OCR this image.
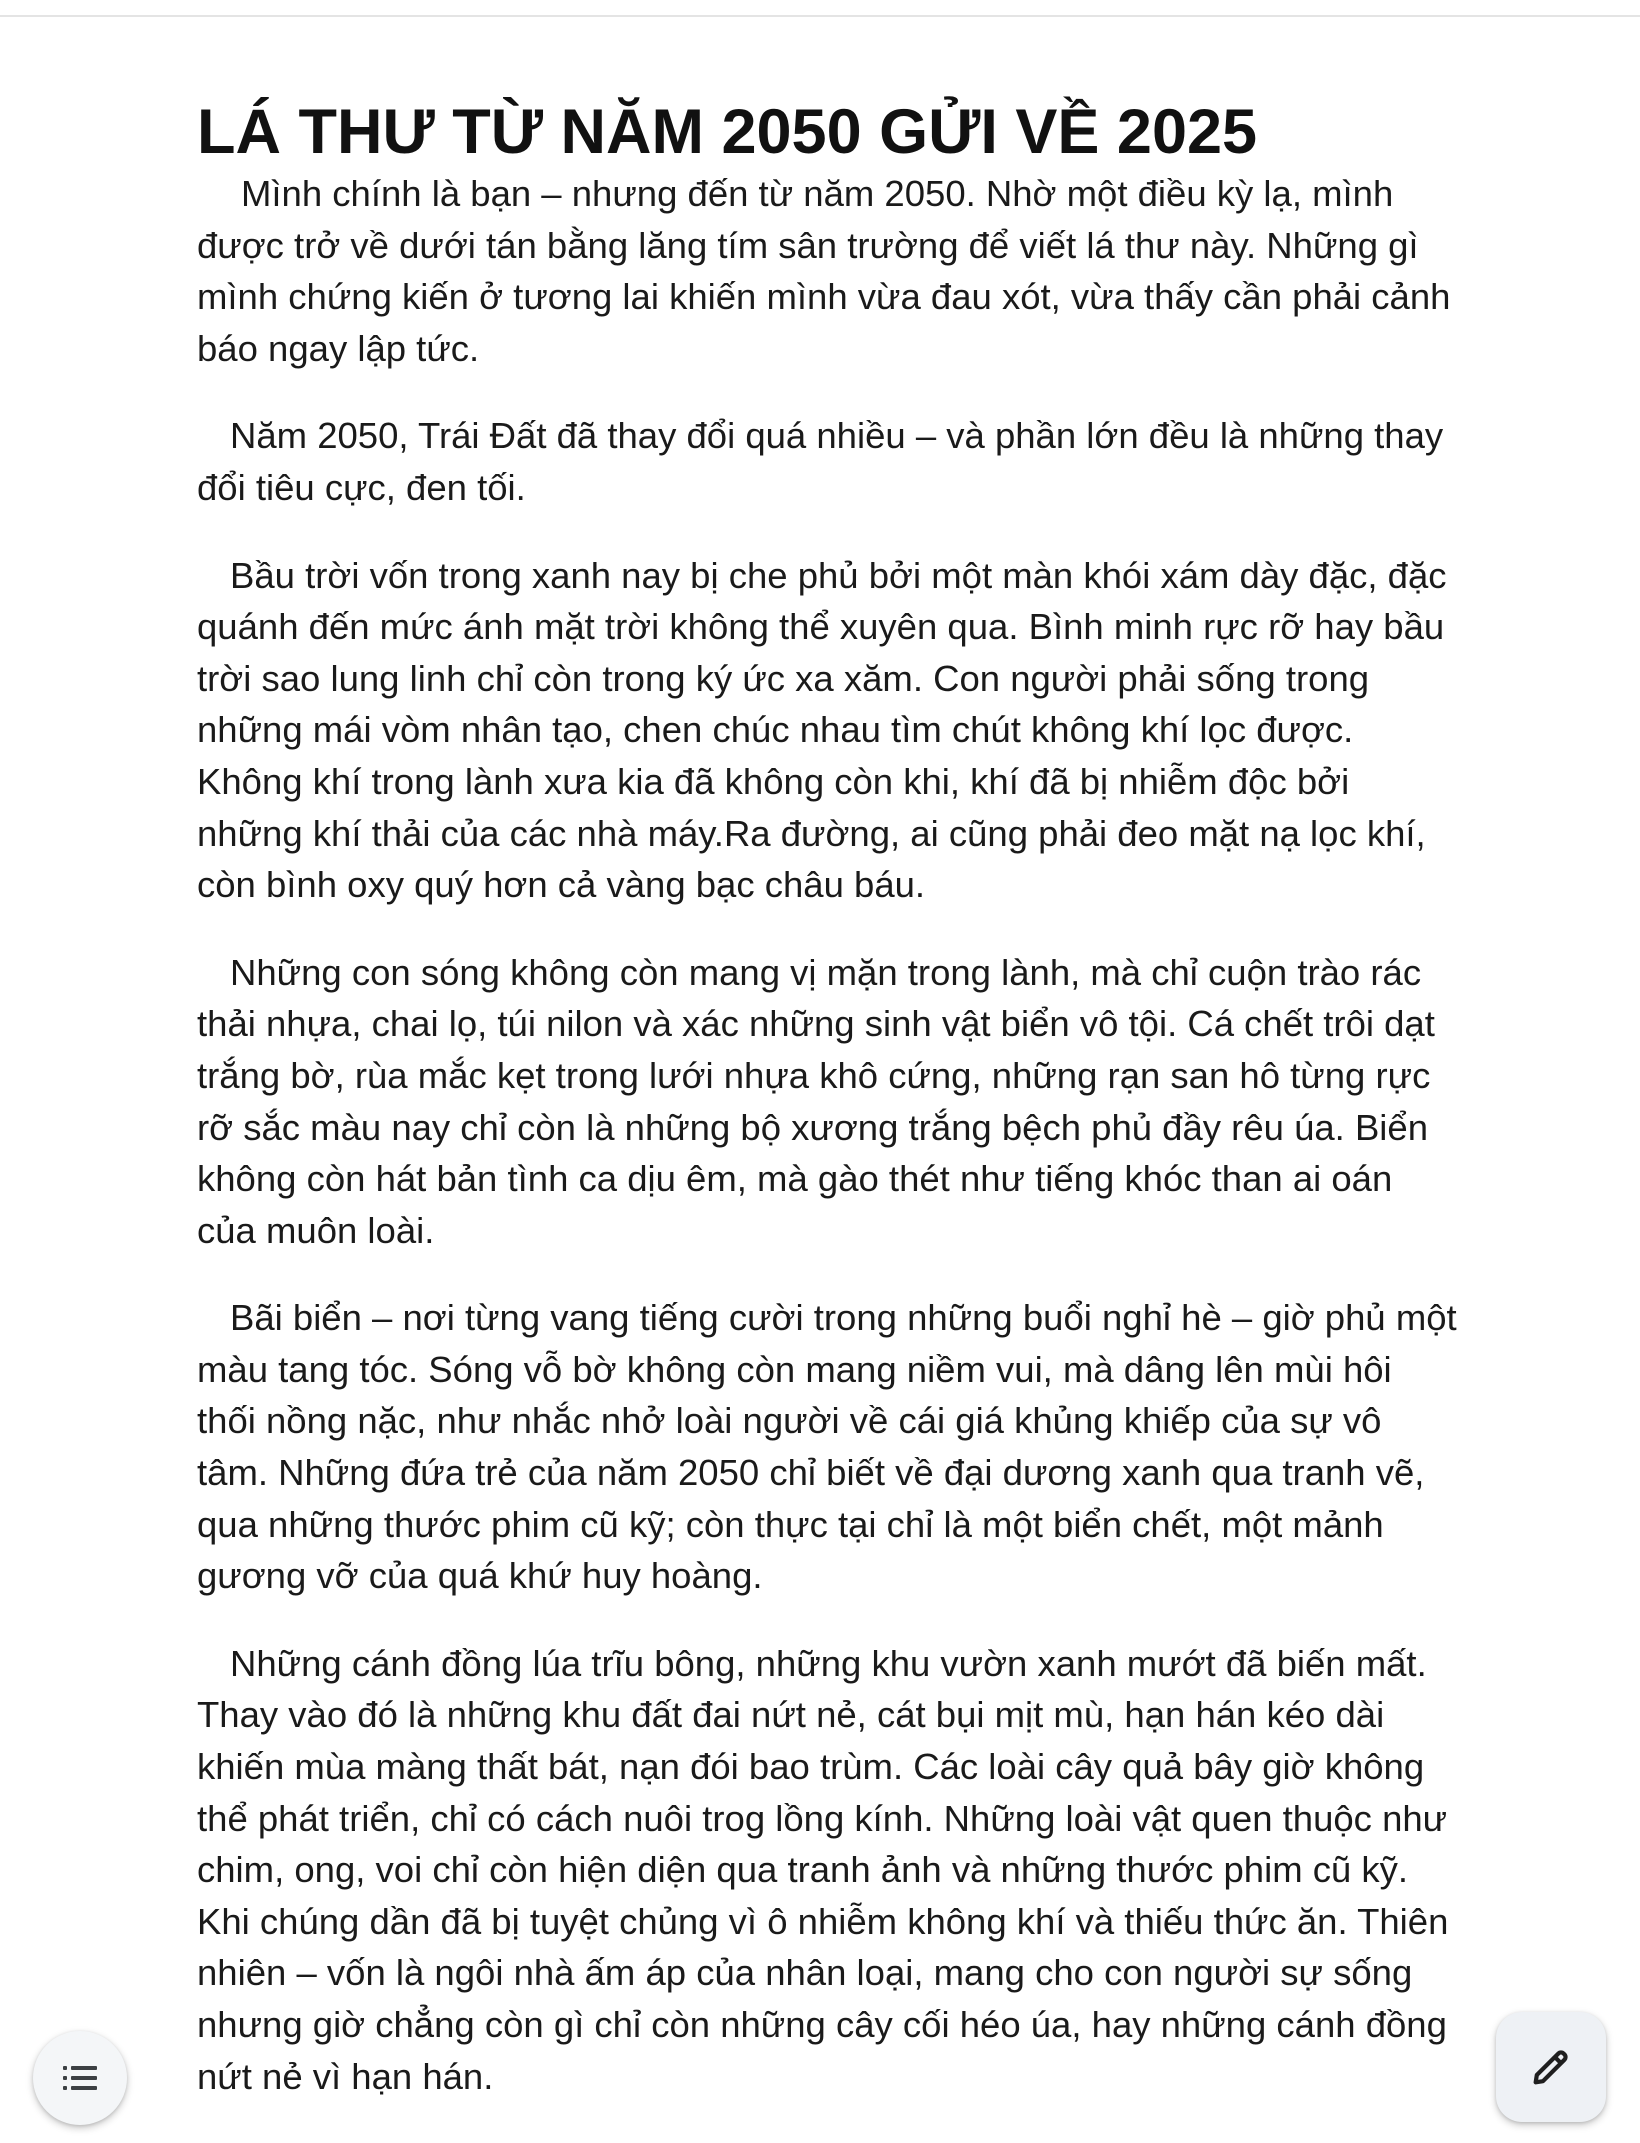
LÁ THƯ TỪ NĂM 2050 GỬI VỀ 2025

Mình chính là bạn – nhưng đến từ năm 2050. Nhờ một điều kỳ lạ, mình được trở về dưới tán bằng lăng tím sân trường để viết lá thư này. Những gì mình chứng kiến ở tương lai khiến mình vừa đau xót, vừa thấy cần phải cảnh báo ngay lập tức.

Năm 2050, Trái Đất đã thay đổi quá nhiều – và phần lớn đều là những thay đổi tiêu cực, đen tối.

Bầu trời vốn trong xanh nay bị che phủ bởi một màn khói xám dày đặc, đặc quánh đến mức ánh mặt trời không thể xuyên qua. Bình minh rực rỡ hay bầu trời sao lung linh chỉ còn trong ký ức xa xăm. Con người phải sống trong những mái vòm nhân tạo, chen chúc nhau tìm chút không khí lọc được.  Không khí trong lành xưa kia đã không còn khi, khí đã bị nhiễm độc bởi những khí thải của các nhà máy.Ra đường, ai cũng phải đeo mặt nạ lọc khí, còn bình oxy quý hơn cả vàng bạc châu báu.

Những con sóng không còn mang vị mặn trong lành, mà chỉ cuộn trào rác thải nhựa, chai lọ, túi nilon và xác những sinh vật biển vô tội. Cá chết trôi dạt trắng bờ, rùa mắc kẹt trong lưới nhựa khô cứng, những rạn san hô từng rực rỡ sắc màu nay chỉ còn là những bộ xương trắng bệch phủ đầy rêu úa. Biển không còn hát bản tình ca dịu êm, mà gào thét như tiếng khóc than ai oán của muôn loài.

Bãi biển – nơi từng vang tiếng cười trong những buổi nghỉ hè – giờ phủ một màu tang tóc. Sóng vỗ bờ không còn mang niềm vui, mà dâng lên mùi hôi thối nồng nặc, như nhắc nhở loài người về cái giá khủng khiếp của sự vô tâm. Những đứa trẻ của năm 2050 chỉ biết về đại dương xanh qua tranh vẽ, qua những thước phim cũ kỹ; còn thực tại chỉ là một biển chết, một mảnh gương vỡ của quá khứ huy hoàng.

Những cánh đồng lúa trĩu bông, những khu vườn xanh mướt đã biến mất. Thay vào đó là những khu đất đai nứt nẻ, cát bụi mịt mù, hạn hán kéo dài khiến mùa màng thất bát, nạn đói bao trùm. Các loài cây quả bây giờ không thể phát triển, chỉ có cách nuôi trog lồng kính. Những loài vật quen thuộc như chim, ong, voi chỉ còn hiện diện qua tranh ảnh và những thước phim cũ kỹ. Khi chúng dần đã bị tuyệt chủng vì ô nhiễm không khí và thiếu thức ăn. Thiên nhiên – vốn là ngôi nhà ấm áp của nhân loại, mang cho con người sự sống nhưng giờ chẳng còn gì chỉ còn những cây cối héo úa, hay những cánh đồng nứt nẻ vì hạn hán.
